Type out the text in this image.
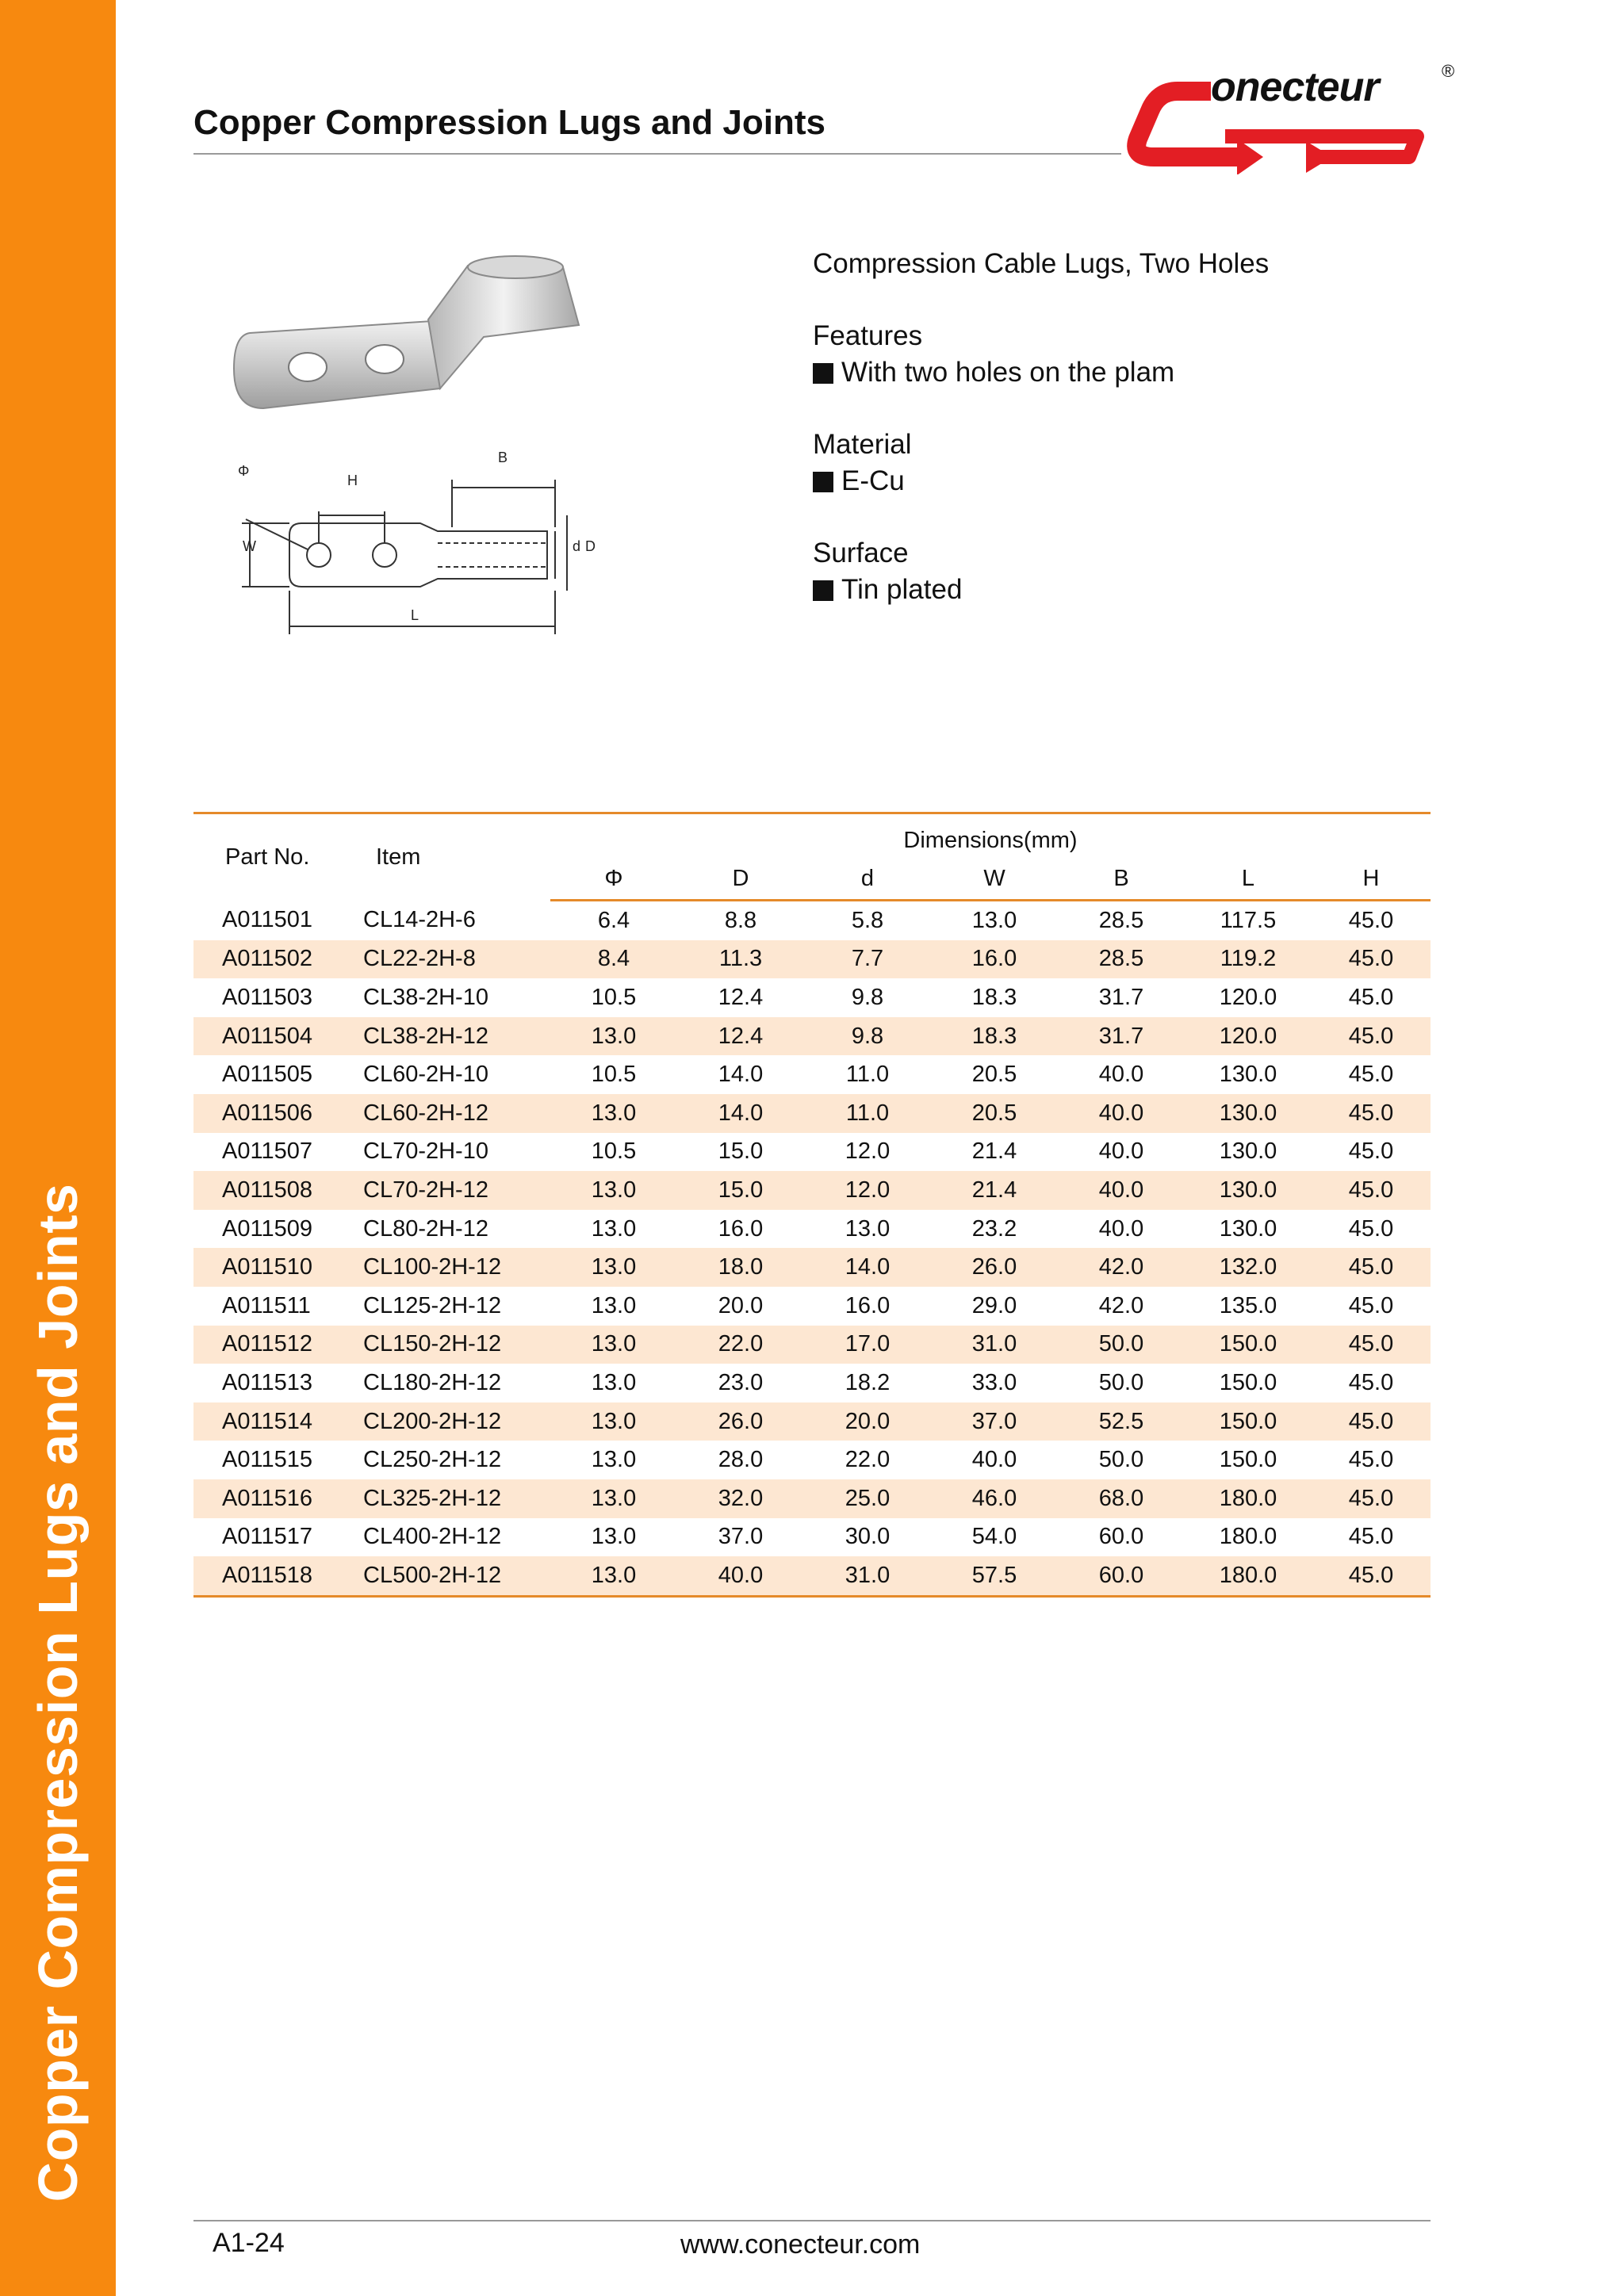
Copper Compression Lugs and Joints
Copper Compression Lugs and Joints
onecteur	®
Φ
H
B
W	d D
L
Compression Cable Lugs, Two Holes
Features
With two holes on the plam
Material
E-Cu
Surface
Tin plated
Part No.	Item	Dimensions(mm)						
		Φ	D	d	W	B	L	H
A011501	CL14-2H-6	6.4	8.8	5.8	13.0	28.5	117.5	45.0
A011502	CL22-2H-8	8.4	11.3	7.7	16.0	28.5	119.2	45.0
A011503	CL38-2H-10	10.5	12.4	9.8	18.3	31.7	120.0	45.0
A011504	CL38-2H-12	13.0	12.4	9.8	18.3	31.7	120.0	45.0
A011505	CL60-2H-10	10.5	14.0	11.0	20.5	40.0	130.0	45.0
A011506	CL60-2H-12	13.0	14.0	11.0	20.5	40.0	130.0	45.0
A011507	CL70-2H-10	10.5	15.0	12.0	21.4	40.0	130.0	45.0
A011508	CL70-2H-12	13.0	15.0	12.0	21.4	40.0	130.0	45.0
A011509	CL80-2H-12	13.0	16.0	13.0	23.2	40.0	130.0	45.0
A011510	CL100-2H-12	13.0	18.0	14.0	26.0	42.0	132.0	45.0
A011511	CL125-2H-12	13.0	20.0	16.0	29.0	42.0	135.0	45.0
A011512	CL150-2H-12	13.0	22.0	17.0	31.0	50.0	150.0	45.0
A011513	CL180-2H-12	13.0	23.0	18.2	33.0	50.0	150.0	45.0
A011514	CL200-2H-12	13.0	26.0	20.0	37.0	52.5	150.0	45.0
A011515	CL250-2H-12	13.0	28.0	22.0	40.0	50.0	150.0	45.0
A011516	CL325-2H-12	13.0	32.0	25.0	46.0	68.0	180.0	45.0
A011517	CL400-2H-12	13.0	37.0	30.0	54.0	60.0	180.0	45.0
A011518	CL500-2H-12	13.0	40.0	31.0	57.5	60.0	180.0	45.0
A1-24	www.conecteur.com
